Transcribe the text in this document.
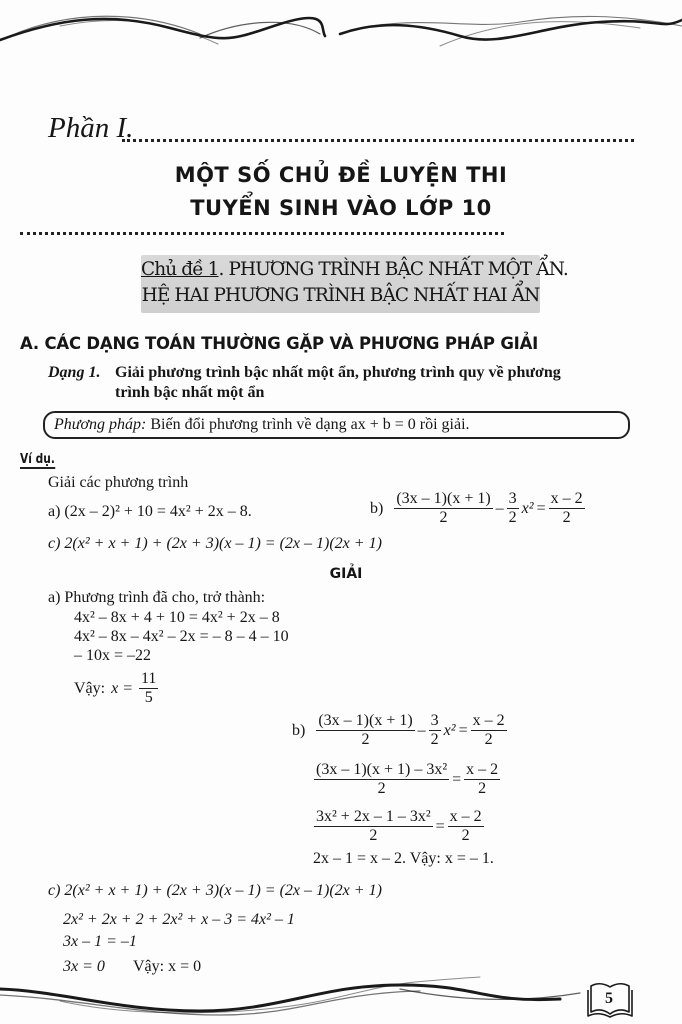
Phần I.
MỘT SỐ CHỦ ĐỀ LUYỆN THI
TUYỂN SINH VÀO LỚP 10
Chủ đề 1. PHƯƠNG TRÌNH BẬC NHẤT MỘT ẨN.
HỆ HAI PHƯƠNG TRÌNH BẬC NHẤT HAI ẨN
A. CÁC DẠNG TOÁN THƯỜNG GẶP VÀ PHƯƠNG PHÁP GIẢI
Dạng 1. Giải phương trình bậc nhất một ẩn, phương trình quy về phương
trình bậc nhất một ẩn
Phương pháp: Biến đổi phương trình về dạng ax + b = 0 rồi giải.
Ví dụ.
Giải các phương trình
a) (2x – 2)² + 10 = 4x² + 2x – 8.	$b) \frac{(3x - 1)(x + 1)}{2} - \frac{3}{2} x^2 = \frac{x - 2}{2}$
c) 2(x² + x + 1) + (2x + 3)(x – 1) = (2x – 1)(2x + 1)
GIẢI
a) Phương trình đã cho, trở thành:
4x² – 8x + 4 + 10 = 4x² + 2x – 8
4x² – 8x – 4x² – 2x = – 8 – 4 – 10
– 10x = –22
Vậy: $x = \frac{11}{5}$
$b) \frac{(3x - 1)(x + 1)}{2} - \frac{3}{2} x^2 = \frac{x - 2}{2}$
$\frac{\text{(3x – 1)(x + 1) – 3x²}}{2} = \frac{x - 2}{2}$
$\frac{\text{3x² + 2x – 1 – 3x²}}{2} = \frac{x - 2}{2}$
2x – 1 = x – 2. Vậy: x = – 1.
c) 2(x² + x + 1) + (2x + 3)(x – 1) = (2x – 1)(2x + 1)
2x² + 2x + 2 + 2x² + x – 3 = 4x² – 1
3x – 1 = –1
3x = 0 Vậy: x = 0
5
